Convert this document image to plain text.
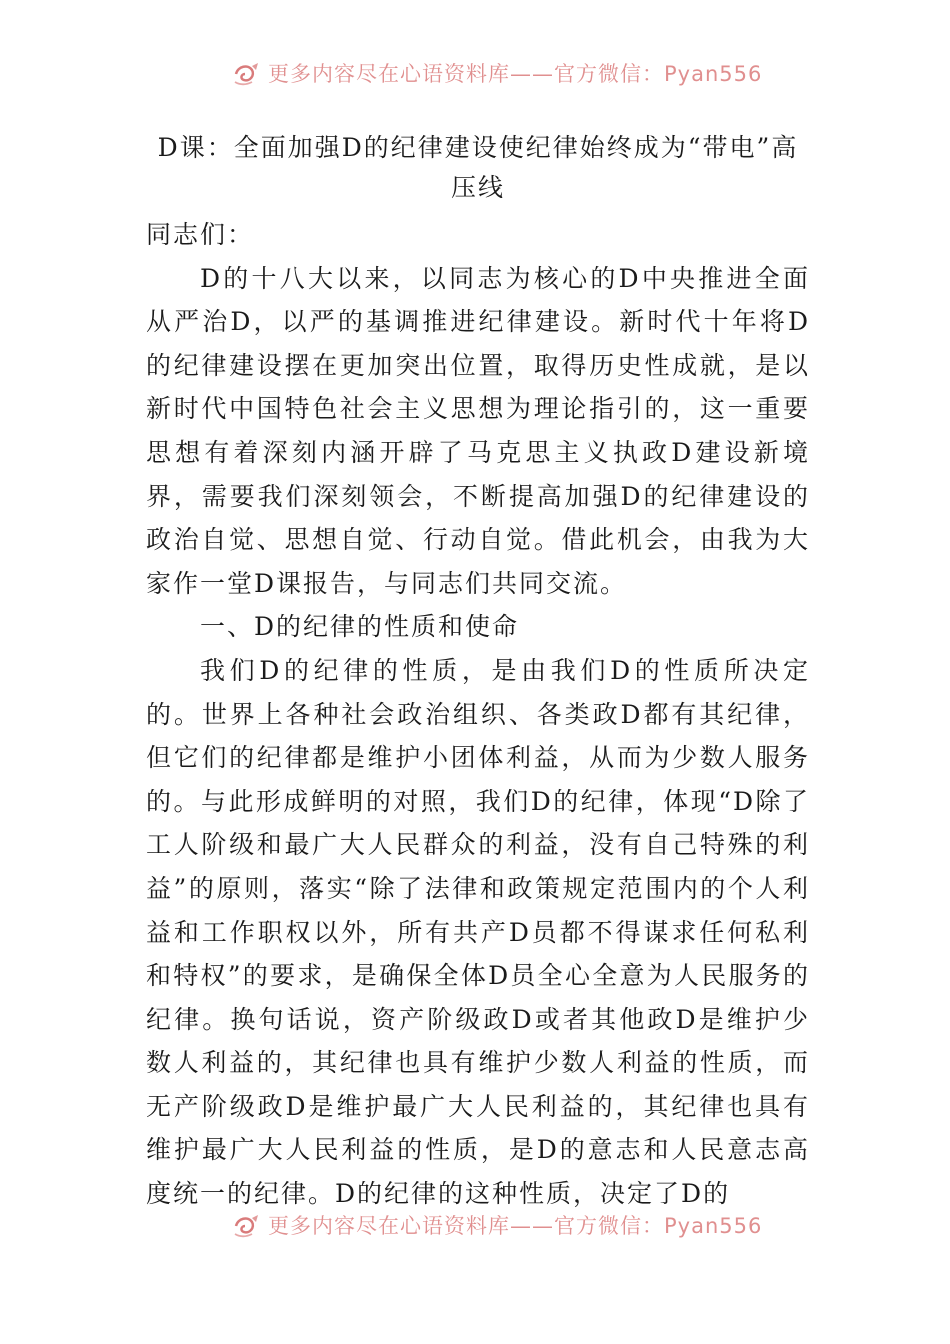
更多内容尽在心语资料库——官方微信：Pyan556
D课：全面加强D的纪律建设使纪律始终成为“带电”高压线

同志们：

D的十八大以来，以同志为核心的D中央推进全面从严治D，以严的基调推进纪律建设。新时代十年将D的纪律建设摆在更加突出位置，取得历史性成就，是以新时代中国特色社会主义思想为理论指引的，这一重要思想有着深刻内涵开辟了马克思主义执政D建设新境界，需要我们深刻领会，不断提高加强D的纪律建设的政治自觉、思想自觉、行动自觉。借此机会，由我为大家作一堂D课报告，与同志们共同交流。

一、D的纪律的性质和使命

我们D的纪律的性质，是由我们D的性质所决定的。世界上各种社会政治组织、各类政D都有其纪律，但它们的纪律都是维护小团体利益，从而为少数人服务的。与此形成鲜明的对照，我们D的纪律，体现“D除了工人阶级和最广大人民群众的利益，没有自己特殊的利益”的原则，落实“除了法律和政策规定范围内的个人利益和工作职权以外，所有共产D员都不得谋求任何私利和特权”的要求，是确保全体D员全心全意为人民服务的纪律。换句话说，资产阶级政D或者其他政D是维护少数人利益的，其纪律也具有维护少数人利益的性质，而无产阶级政D是维护最广大人民利益的，其纪律也具有维护最广大人民利益的性质，是D的意志和人民意志高度统一的纪律。D的纪律的这种性质，决定了D的

更多内容尽在心语资料库——官方微信：Pyan556
